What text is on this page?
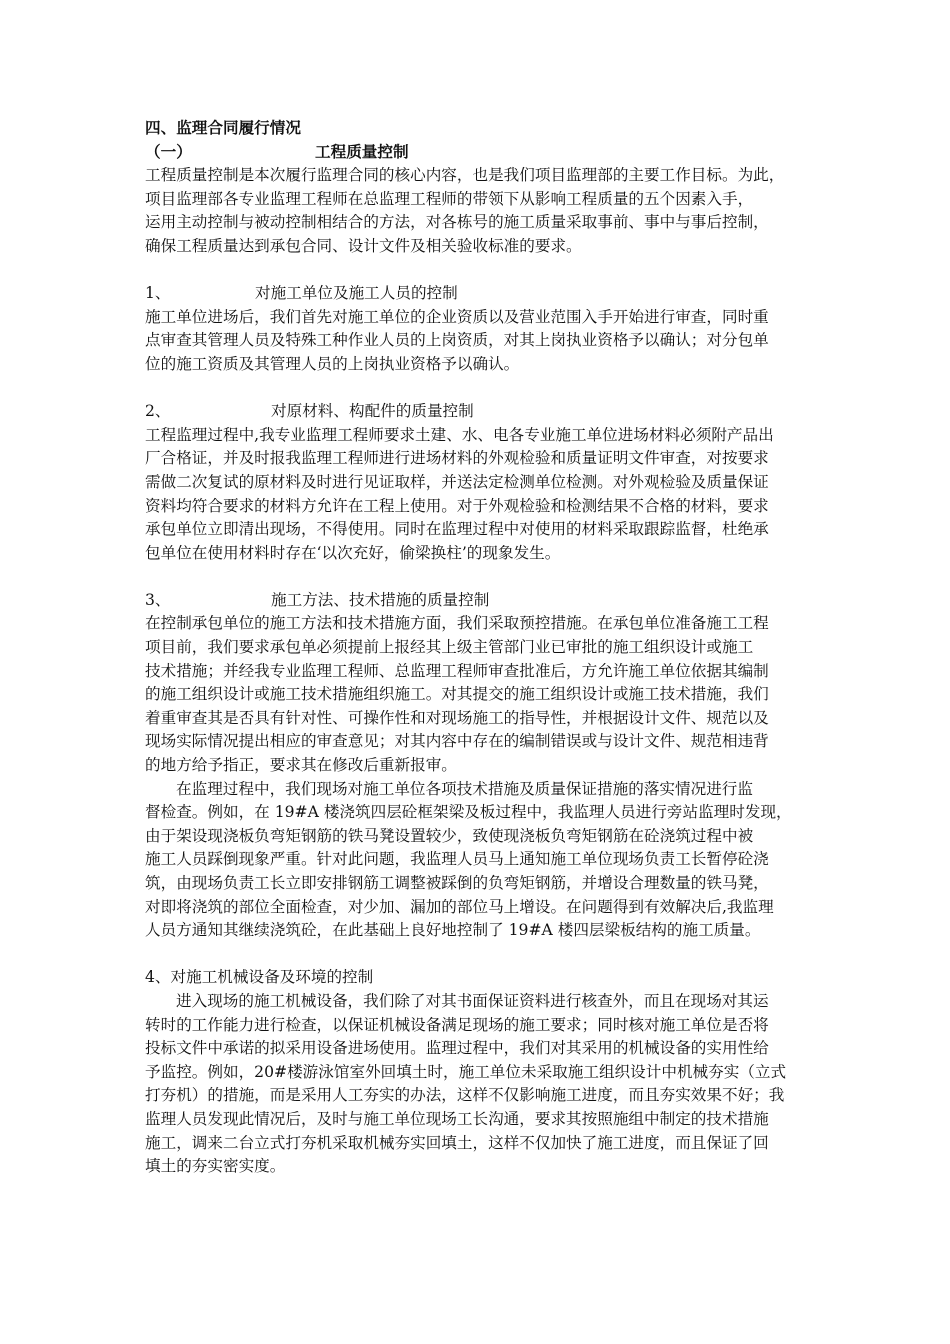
四、监理合同履行情况
（一）	工程质量控制
工程质量控制是本次履行监理合同的核心内容，也是我们项目监理部的主要工作目标。为此，
项目监理部各专业监理工程师在总监理工程师的带领下从影响工程质量的五个因素入手，
运用主动控制与被动控制相结合的方法，对各栋号的施工质量采取事前、事中与事后控制，
确保工程质量达到承包合同、设计文件及相关验收标准的要求。
1、	对施工单位及施工人员的控制
施工单位进场后，我们首先对施工单位的企业资质以及营业范围入手开始进行审查，同时重
点审查其管理人员及特殊工种作业人员的上岗资质，对其上岗执业资格予以确认；对分包单
位的施工资质及其管理人员的上岗执业资格予以确认。
2、	对原材料、构配件的质量控制
工程监理过程中,我专业监理工程师要求土建、水、电各专业施工单位进场材料必须附产品出
厂合格证，并及时报我监理工程师进行进场材料的外观检验和质量证明文件审查，对按要求
需做二次复试的原材料及时进行见证取样，并送法定检测单位检测。对外观检验及质量保证
资料均符合要求的材料方允许在工程上使用。对于外观检验和检测结果不合格的材料，要求
承包单位立即清出现场，不得使用。同时在监理过程中对使用的材料采取跟踪监督，杜绝承
包单位在使用材料时存在‘以次充好，偷梁换柱’的现象发生。
3、	施工方法、技术措施的质量控制
在控制承包单位的施工方法和技术措施方面，我们采取预控措施。在承包单位准备施工工程
项目前，我们要求承包单必须提前上报经其上级主管部门业已审批的施工组织设计或施工
技术措施；并经我专业监理工程师、总监理工程师审查批准后，方允许施工单位依据其编制
的施工组织设计或施工技术措施组织施工。对其提交的施工组织设计或施工技术措施，我们
着重审查其是否具有针对性、可操作性和对现场施工的指导性，并根据设计文件、规范以及
现场实际情况提出相应的审查意见；对其内容中存在的编制错误或与设计文件、规范相违背
的地方给予指正，要求其在修改后重新报审。
在监理过程中，我们现场对施工单位各项技术措施及质量保证措施的落实情况进行监
督检查。例如，在 19#A 楼浇筑四层砼框架梁及板过程中，我监理人员进行旁站监理时发现，
由于架设现浇板负弯矩钢筋的铁马凳设置较少，致使现浇板负弯矩钢筋在砼浇筑过程中被
施工人员踩倒现象严重。针对此问题，我监理人员马上通知施工单位现场负责工长暂停砼浇
筑，由现场负责工长立即安排钢筋工调整被踩倒的负弯矩钢筋，并增设合理数量的铁马凳，
对即将浇筑的部位全面检查，对少加、漏加的部位马上增设。在问题得到有效解决后,我监理
人员方通知其继续浇筑砼，在此基础上良好地控制了 19#A 楼四层梁板结构的施工质量。
4、对施工机械设备及环境的控制
进入现场的施工机械设备，我们除了对其书面保证资料进行核查外，而且在现场对其运
转时的工作能力进行检查，以保证机械设备满足现场的施工要求；同时核对施工单位是否将
投标文件中承诺的拟采用设备进场使用。监理过程中，我们对其采用的机械设备的实用性给
予监控。例如，20#楼游泳馆室外回填土时，施工单位未采取施工组织设计中机械夯实（立式
打夯机）的措施，而是采用人工夯实的办法，这样不仅影响施工进度，而且夯实效果不好；我
监理人员发现此情况后，及时与施工单位现场工长沟通，要求其按照施组中制定的技术措施
施工，调来二台立式打夯机采取机械夯实回填土，这样不仅加快了施工进度，而且保证了回
填土的夯实密实度。
